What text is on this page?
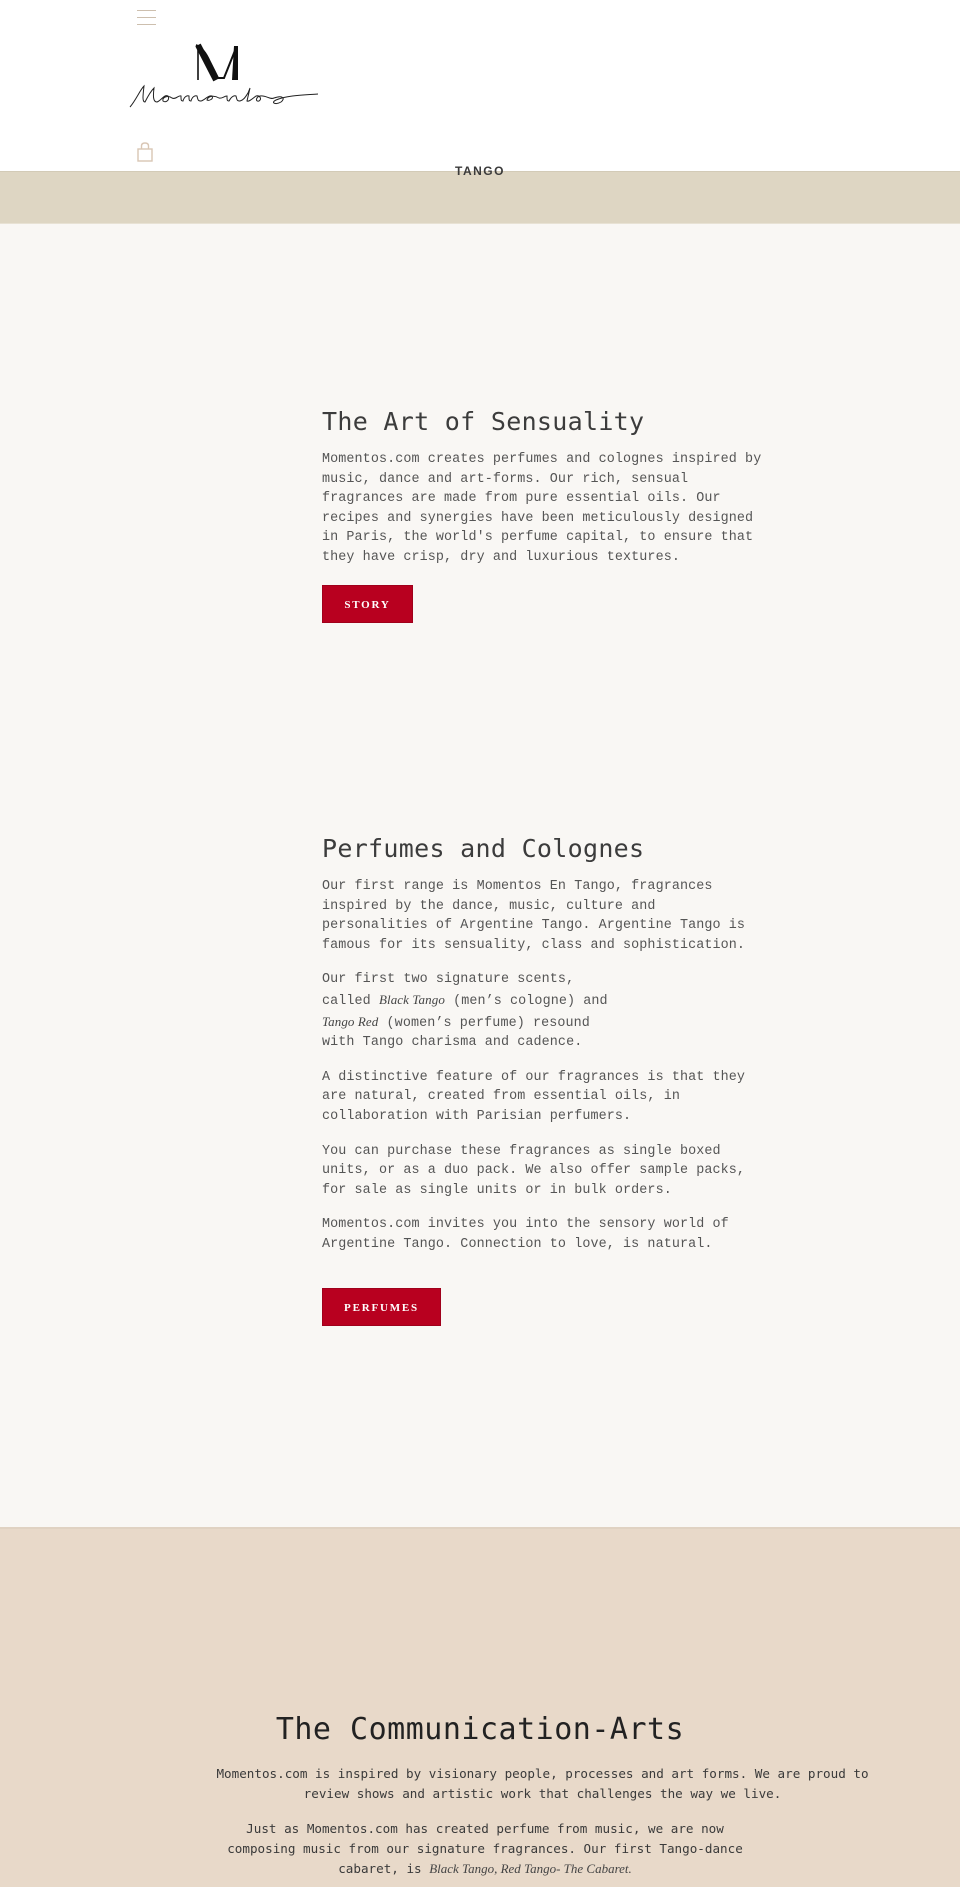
TANGO
The Art of Sensuality

Momentos.com creates perfumes and colognes inspired by music, dance and art-forms. Our rich, sensual fragrances are made from pure essential oils. Our recipes and synergies have been meticulously designed in Paris, the world's perfume capital, to ensure that they have crisp, dry and luxurious textures.

STORY
Perfumes and Colognes

Our first range is Momentos En Tango, fragrances inspired by the dance, music, culture and personalities of Argentine Tango. Argentine Tango is famous for its sensuality, class and sophistication.

Our first two signature scents, called Black Tango (men’s cologne) and Tango Red (women’s perfume) resound with Tango charisma and cadence.

A distinctive feature of our fragrances is that they are natural, created from essential oils, in collaboration with Parisian perfumers.

You can purchase these fragrances as single boxed units, or as a duo pack. We also offer sample packs, for sale as single units or in bulk orders.

Momentos.com invites you into the sensory world of Argentine Tango. Connection to love, is natural.

PERFUMES
The Communication-Arts

Momentos.com is inspired by visionary people, processes and art forms. We are proud to review shows and artistic work that challenges the way we live.

Just as Momentos.com has created perfume from music, we are now composing music from our signature fragrances. Our first Tango-dance cabaret, is Black Tango, Red Tango- The Cabaret.
